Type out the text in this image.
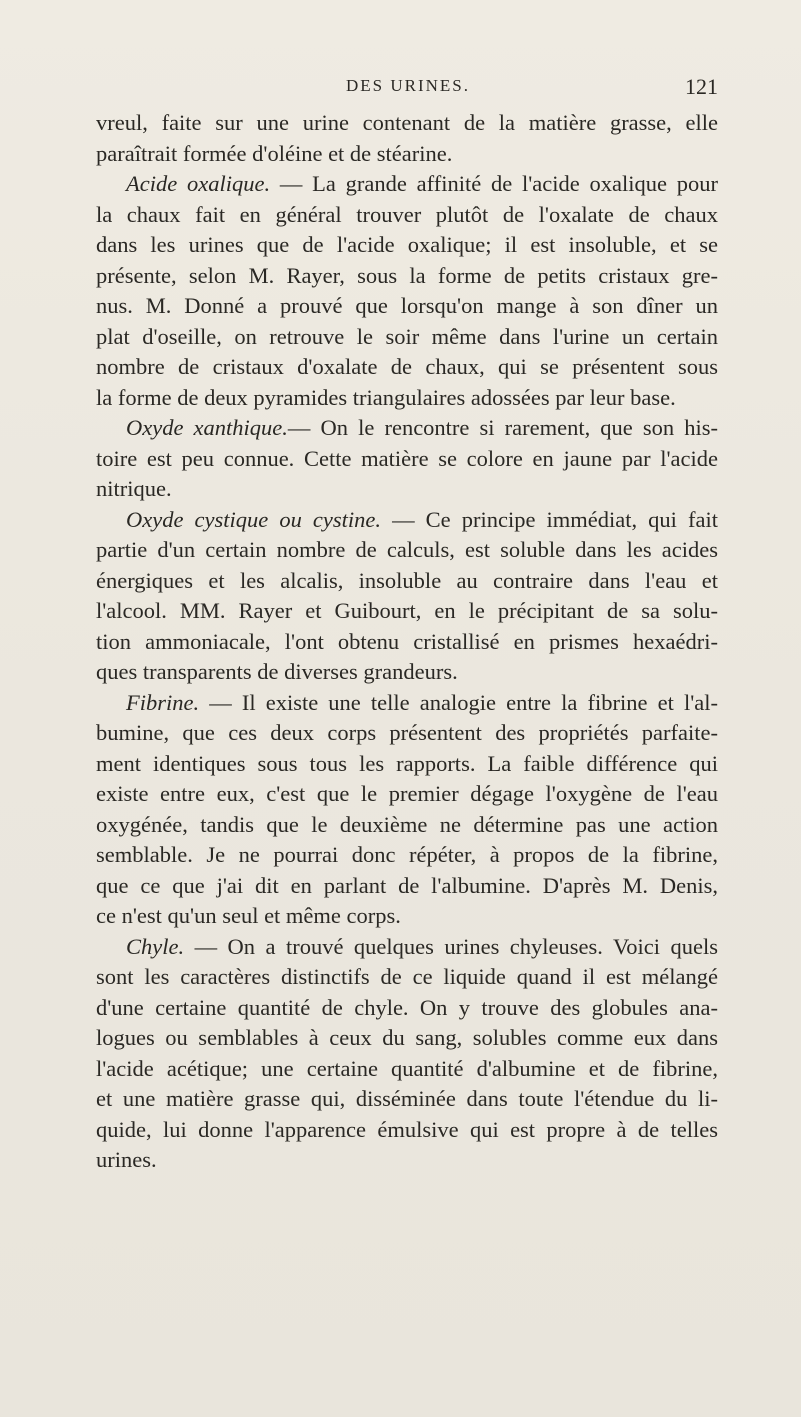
DES URINES.	121
vreul, faite sur une urine contenant de la matière grasse, elle
paraîtrait formée d'oléine et de stéarine.
Acide oxalique. — La grande affinité de l'acide oxalique pour
la chaux fait en général trouver plutôt de l'oxalate de chaux
dans les urines que de l'acide oxalique; il est insoluble, et se
présente, selon M. Rayer, sous la forme de petits cristaux gre-
nus. M. Donné a prouvé que lorsqu'on mange à son dîner un
plat d'oseille, on retrouve le soir même dans l'urine un certain
nombre de cristaux d'oxalate de chaux, qui se présentent sous
la forme de deux pyramides triangulaires adossées par leur base.
Oxyde xanthique.— On le rencontre si rarement, que son his-
toire est peu connue. Cette matière se colore en jaune par l'acide
nitrique.
Oxyde cystique ou cystine. — Ce principe immédiat, qui fait
partie d'un certain nombre de calculs, est soluble dans les acides
énergiques et les alcalis, insoluble au contraire dans l'eau et
l'alcool. MM. Rayer et Guibourt, en le précipitant de sa solu-
tion ammoniacale, l'ont obtenu cristallisé en prismes hexaédri-
ques transparents de diverses grandeurs.
Fibrine. — Il existe une telle analogie entre la fibrine et l'al-
bumine, que ces deux corps présentent des propriétés parfaite-
ment identiques sous tous les rapports. La faible différence qui
existe entre eux, c'est que le premier dégage l'oxygène de l'eau
oxygénée, tandis que le deuxième ne détermine pas une action
semblable. Je ne pourrai donc répéter, à propos de la fibrine,
que ce que j'ai dit en parlant de l'albumine. D'après M. Denis,
ce n'est qu'un seul et même corps.
Chyle. — On a trouvé quelques urines chyleuses. Voici quels
sont les caractères distinctifs de ce liquide quand il est mélangé
d'une certaine quantité de chyle. On y trouve des globules ana-
logues ou semblables à ceux du sang, solubles comme eux dans
l'acide acétique; une certaine quantité d'albumine et de fibrine,
et une matière grasse qui, disséminée dans toute l'étendue du li-
quide, lui donne l'apparence émulsive qui est propre à de telles
urines.
